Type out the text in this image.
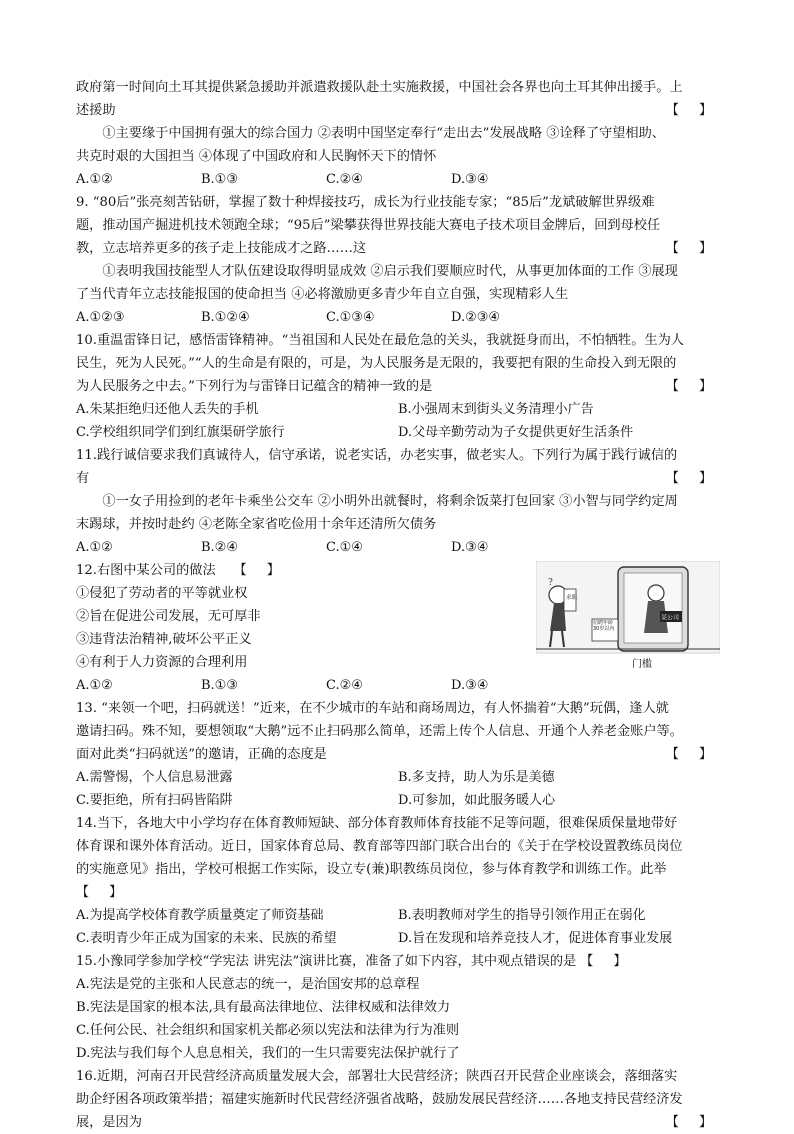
政府第一时间向土耳其提供紧急援助并派遣救援队赴土实施救援，中国社会各界也向土耳其伸出援手。上

述援助	【 】

①主要缘于中国拥有强大的综合国力 ②表明中国坚定奉行“走出去”发展战略 ③诠释了守望相助、

共克时艰的大国担当 ④体现了中国政府和人民胸怀天下的情怀

A.①②	B.①③	C.②④	D.③④

9. “80后”张亮刻苦钻研，掌握了数十种焊接技巧，成长为行业技能专家；“85后”龙斌破解世界级难

题，推动国产掘进机技术领跑全球；“95后”梁攀获得世界技能大赛电子技术项目金牌后，回到母校任

教，立志培养更多的孩子走上技能成才之路……这	【 】

①表明我国技能型人才队伍建设取得明显成效 ②启示我们要顺应时代，从事更加体面的工作 ③展现

了当代青年立志技能报国的使命担当 ④必将激励更多青少年自立自强，实现精彩人生

A.①②③	B.①②④	C.①③④	D.②③④

10.重温雷锋日记，感悟雷锋精神。“当祖国和人民处在最危急的关头，我就挺身而出，不怕牺牲。生为人

民生，死为人民死。”“人的生命是有限的，可是，为人民服务是无限的，我要把有限的生命投入到无限的

为人民服务之中去。”下列行为与雷锋日记蕴含的精神一致的是	【 】

A.朱某拒绝归还他人丢失的手机	B.小强周末到街头义务清理小广告
C.学校组织同学们到红旗渠研学旅行	D.父母辛勤劳动为子女提供更好生活条件

11.践行诚信要求我们真诚待人，信守承诺，说老实话，办老实事，做老实人。下列行为属于践行诚信的

有	【 】

①一女子用捡到的老年卡乘坐公交车 ②小明外出就餐时，将剩余饭菜打包回家 ③小智与同学约定周

末踢球，并按时赴约 ④老陈全家省吃俭用十余年还清所欠债务

A.①②	B.②④	C.①④	D.③④

12.右图中某公司的做法 【 】

①侵犯了劳动者的平等就业权

②旨在促进公司发展，无可厚非

③违背法治精神,破坏公平正义

④有利于人力资源的合理利用

?
求职
某公司
招聘年龄30岁以内
门槛
A.①②	B.①③	C.②④	D.③④

13. “来领一个吧，扫码就送！”近来，在不少城市的车站和商场周边，有人怀揣着“大鹅”玩偶，逢人就

邀请扫码。殊不知，要想领取“大鹅”远不止扫码那么简单，还需上传个人信息、开通个人养老金账户等。

面对此类“扫码就送”的邀请，正确的态度是	【 】

A.需警惕，个人信息易泄露	B.多支持，助人为乐是美德
C.要拒绝，所有扫码皆陷阱	D.可参加，如此服务暖人心

14.当下，各地大中小学均存在体育教师短缺、部分体育教师体育技能不足等问题，很难保质保量地带好

体育课和课外体育活动。近日，国家体育总局、教育部等四部门联合出台的《关于在学校设置教练员岗位

的实施意见》指出，学校可根据工作实际，设立专(兼)职教练员岗位，参与体育教学和训练工作。此举

【 】

A.为提高学校体育教学质量奠定了师资基础	B.表明教师对学生的指导引领作用正在弱化
C.表明青少年正成为国家的未来、民族的希望	D.旨在发现和培养竞技人才，促进体育事业发展

15.小豫同学参加学校“学宪法 讲宪法”演讲比赛，准备了如下内容，其中观点错误的是 【 】

A.宪法是党的主张和人民意志的统一，是治国安邦的总章程

B.宪法是国家的根本法,具有最高法律地位、法律权威和法律效力

C.任何公民、社会组织和国家机关都必须以宪法和法律为行为准则

D.宪法与我们每个人息息相关，我们的一生只需要宪法保护就行了

16.近期，河南召开民营经济高质量发展大会，部署壮大民营经济；陕西召开民营企业座谈会，落细落实

助企纾困各项政策举措；福建实施新时代民营经济强省战略，鼓励发展民营经济……各地支持民营经济发

展，是因为	【 】
